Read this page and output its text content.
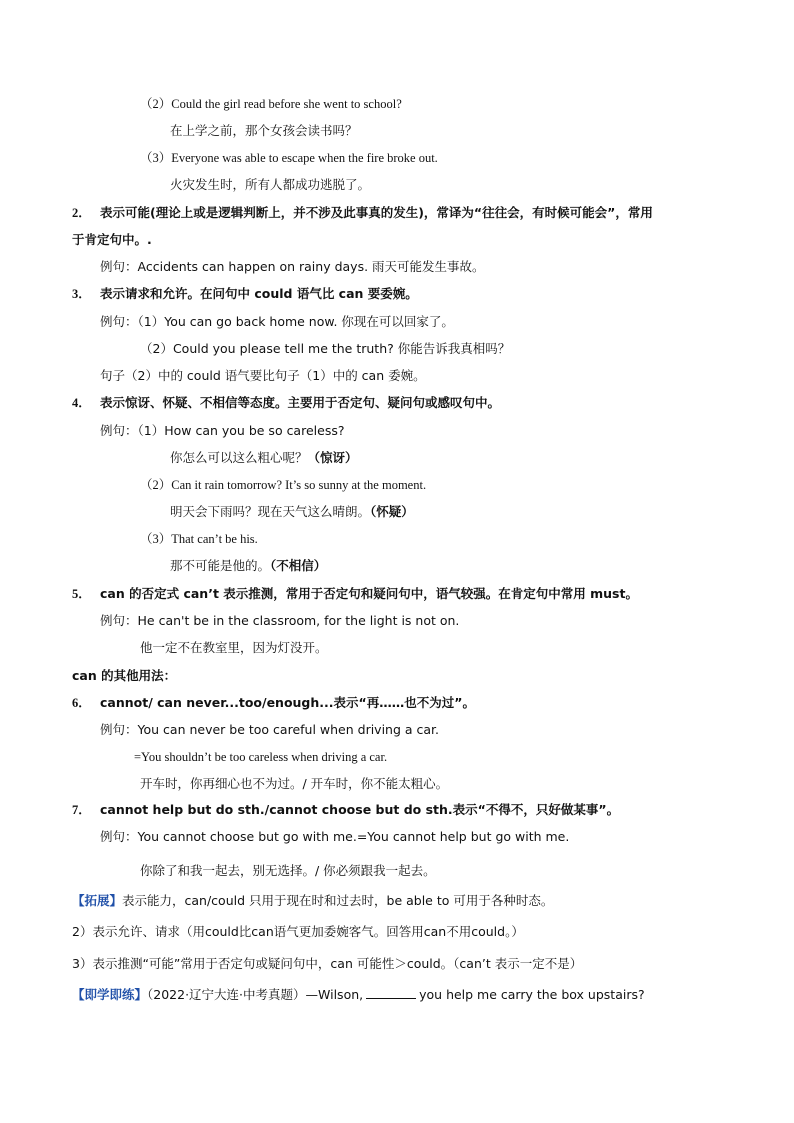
（2）Could the girl read before she went to school?
在上学之前，那个女孩会读书吗？
（3）Everyone was able to escape when the fire broke out.
火灾发生时，所有人都成功逃脱了。
2． 表示可能(理论上或是逻辑判断上，并不涉及此事真的发生)，常译为“往往会，有时候可能会”，常用
于肯定句中。.
例句：Accidents can happen on rainy days. 雨天可能发生事故。
3． 表示请求和允许。在问句中 could 语气比 can 要委婉。
例句：（1）You can go back home now. 你现在可以回家了。
（2）Could you please tell me the truth? 你能告诉我真相吗？
句子（2）中的 could 语气要比句子（1）中的 can 委婉。
4． 表示惊讶、怀疑、不相信等态度。主要用于否定句、疑问句或感叹句中。
例句：（1）How can you be so careless?
你怎么可以这么粗心呢？（惊讶）
（2）Can it rain tomorrow? It’s so sunny at the moment.
明天会下雨吗？现在天气这么晴朗。（怀疑）
（3）That can’t be his.
那不可能是他的。（不相信）
5． can 的否定式 can’t 表示推测，常用于否定句和疑问句中，语气较强。在肯定句中常用 must。
例句：He can't be in the classroom, for the light is not on.
他一定不在教室里，因为灯没开。
can 的其他用法：
6． cannot/ can never...too/enough...表示“再……也不为过”。
例句：You can never be too careful when driving a car.
=You shouldn’t be too careless when driving a car.
开车时，你再细心也不为过。/ 开车时，你不能太粗心。
7． cannot help but do sth./cannot choose but do sth.表示“不得不，只好做某事”。
例句：You cannot choose but go with me.=You cannot help but go with me.
你除了和我一起去，别无选择。/ 你必须跟我一起去。
【拓展】表示能力，can/could 只用于现在时和过去时，be able to 可用于各种时态。
2）表示允许、请求（用could比can语气更加委婉客气。回答用can不用could。）
3）表示推测“可能”常用于否定句或疑问句中，can 可能性＞could。（can’t 表示一定不是）
【即学即练】（2022·辽宁大连·中考真题）—Wilson,	you help me carry the box upstairs?
